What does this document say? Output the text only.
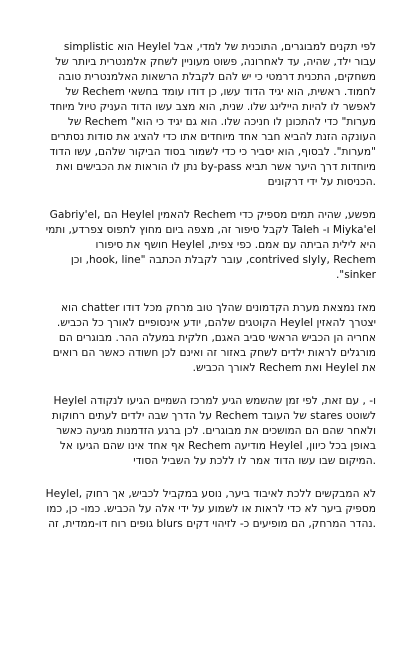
simplistic הוא Heylel לפי תקנים למבוגרים, התוכנית של למדי, אבל עבור ילד, שהיה, עד לאחרונה, פשוט מעוניין לשחק אלמנטרית ביותר של משחקים, התכנית דרמטי כי יש להם לקבלת הרשאות האלמנטרית טובה של Rechem לחמוד. ראשית, הוא יגיד הדוד עשו, כן דודו עומד בחשאי לאפשר לו להיות היילינג שלו. שנית, הוא מצב עשו הדוד העניק טיול מיוחד של Rechem "מערות" כדי להתכונן לו חניכה שלו. הוא גם יגיד כי הוא העונקה הזנת להביא חבר אחד מיוחדים אתו כדי להציג את סודות נסתרים "מערות". לבסוף, הוא יסביר כי כדי לשמור בסוד הביקור שלהם, עשו הדוד נתן לו הוראות את הכבישים ואת by-pass מיוחדות דרך היער אשר תביא הכניסות על ידי דרקונים.

מפשע, שהיה תמים מספיק כדי Rechem להאמין Heylel הם Gabriy'el, Miyka'el ו- Taleh לקבל סיפור זה, מצפה ביום מחוץ לתפוס צפרדע, ותמי היא לילית הביתה עם אמם. כפי צפית, Heylel חושף את סיפורו contrived slyly, Rechem, עובר לקבלת הכתבה "hook, line, וכן sinker".

מאז נמצאת מערת הקדמונים שהלך טוב מרחק מכל דודו chatter הוא יצטרך להאזין Heylel הקוטגים שלהם, יודע אינסופיים לאורך כל הכביש. אחריה הן הכביש הראשי סביב האגם, חלקית במעלה ההר. מבוגרים הם מורגלים לראות ילדים לשחק באזור זה ואינם לכן חשודה כאשר הם רואים את Heylel ואת Rechem לאורך הכביש.

Heylel ו- , עם זאת, לפי זמן שהשמש הגיע למרכז השמיים הגיעו לנקודה על הדרך שבה ילדים לעתים רחוקות Rechem של העובד stares לשוטט ולאחר שהם הם המושכים את מבוגרים. לכן ברגע הזדמנות מגיעה כאשר אף אחד אינו שהם הגיעו אל Rechem מודיעה Heylel ,באופן בכל כיוון המיקום שבו עשו הדוד אמר לו ללכת על השביל הסודי.

Heylel, לא המבקשים ללכת לאיבוד ביער, נוסע במקביל לכביש, אך רחוק מספיק ביער לא כדי לראות או לשמוע על ידי אלה על הכביש. כמו- כן, כמו גופים רוח דו-ממדית, זה blurs נהדר המרחק, הם מופיעים כ- לזיהוי דקים.
